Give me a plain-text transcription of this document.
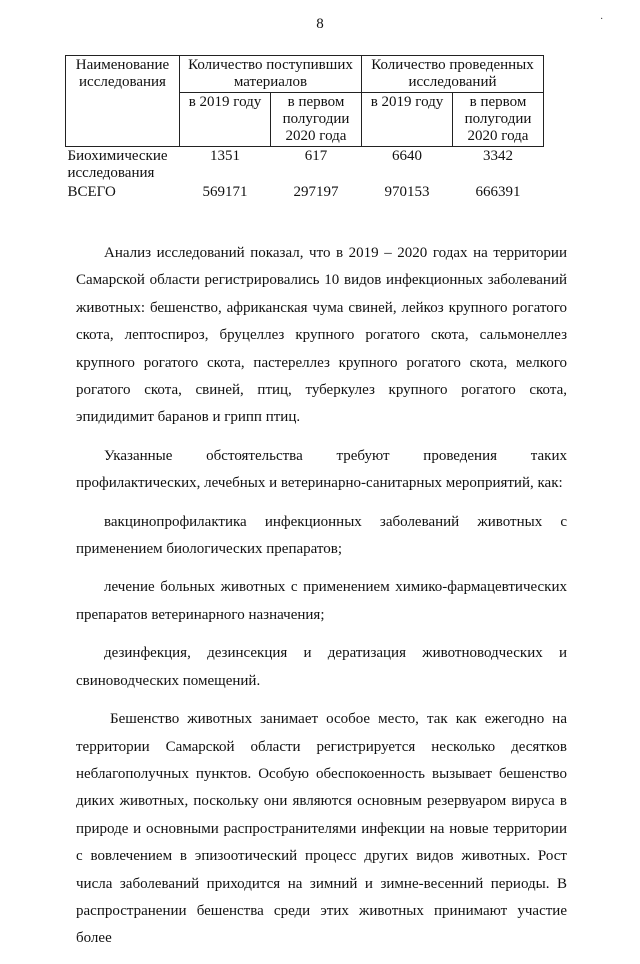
8	·
Наименование исследования	Количество поступивших материалов		Количество проведенных исследований	
	в 2019 году	в первом полугодии 2020 года	в 2019 году	в первом полугодии 2020 года
Биохимические исследования	1351	617	6640	3342
ВСЕГО	569171	297197	970153	666391

Анализ исследований показал, что в 2019 – 2020 годах на территории Самарской области регистрировались 10 видов инфекционных заболеваний животных: бешенство, африканская чума свиней, лейкоз крупного рогатого скота, лептоспироз, бруцеллез крупного рогатого скота, сальмонеллез крупного рогатого скота, пастереллез крупного рогатого скота, мелкого рогатого скота, свиней, птиц, туберкулез крупного рогатого скота, эпидидимит баранов и грипп птиц.

Указанные обстоятельства требуют проведения таких профилактических, лечебных и ветеринарно-санитарных мероприятий, как:

вакцинопрофилактика инфекционных заболеваний животных с применением биологических препаратов;

лечение больных животных с применением химико-фармацевтических препаратов ветеринарного назначения;

дезинфекция, дезинсекция и дератизация животноводческих и свиноводческих помещений.

Бешенство животных занимает особое место, так как ежегодно на территории Самарской области регистрируется несколько десятков неблагополучных пунктов. Особую обеспокоенность вызывает бешенство диких животных, поскольку они являются основным резервуаром вируса в природе и основными распространителями инфекции на новые территории с вовлечением в эпизоотический процесс других видов животных. Рост числа заболеваний приходится на зимний и зимне-весенний периоды. В распространении бешенства среди этих животных принимают участие более
